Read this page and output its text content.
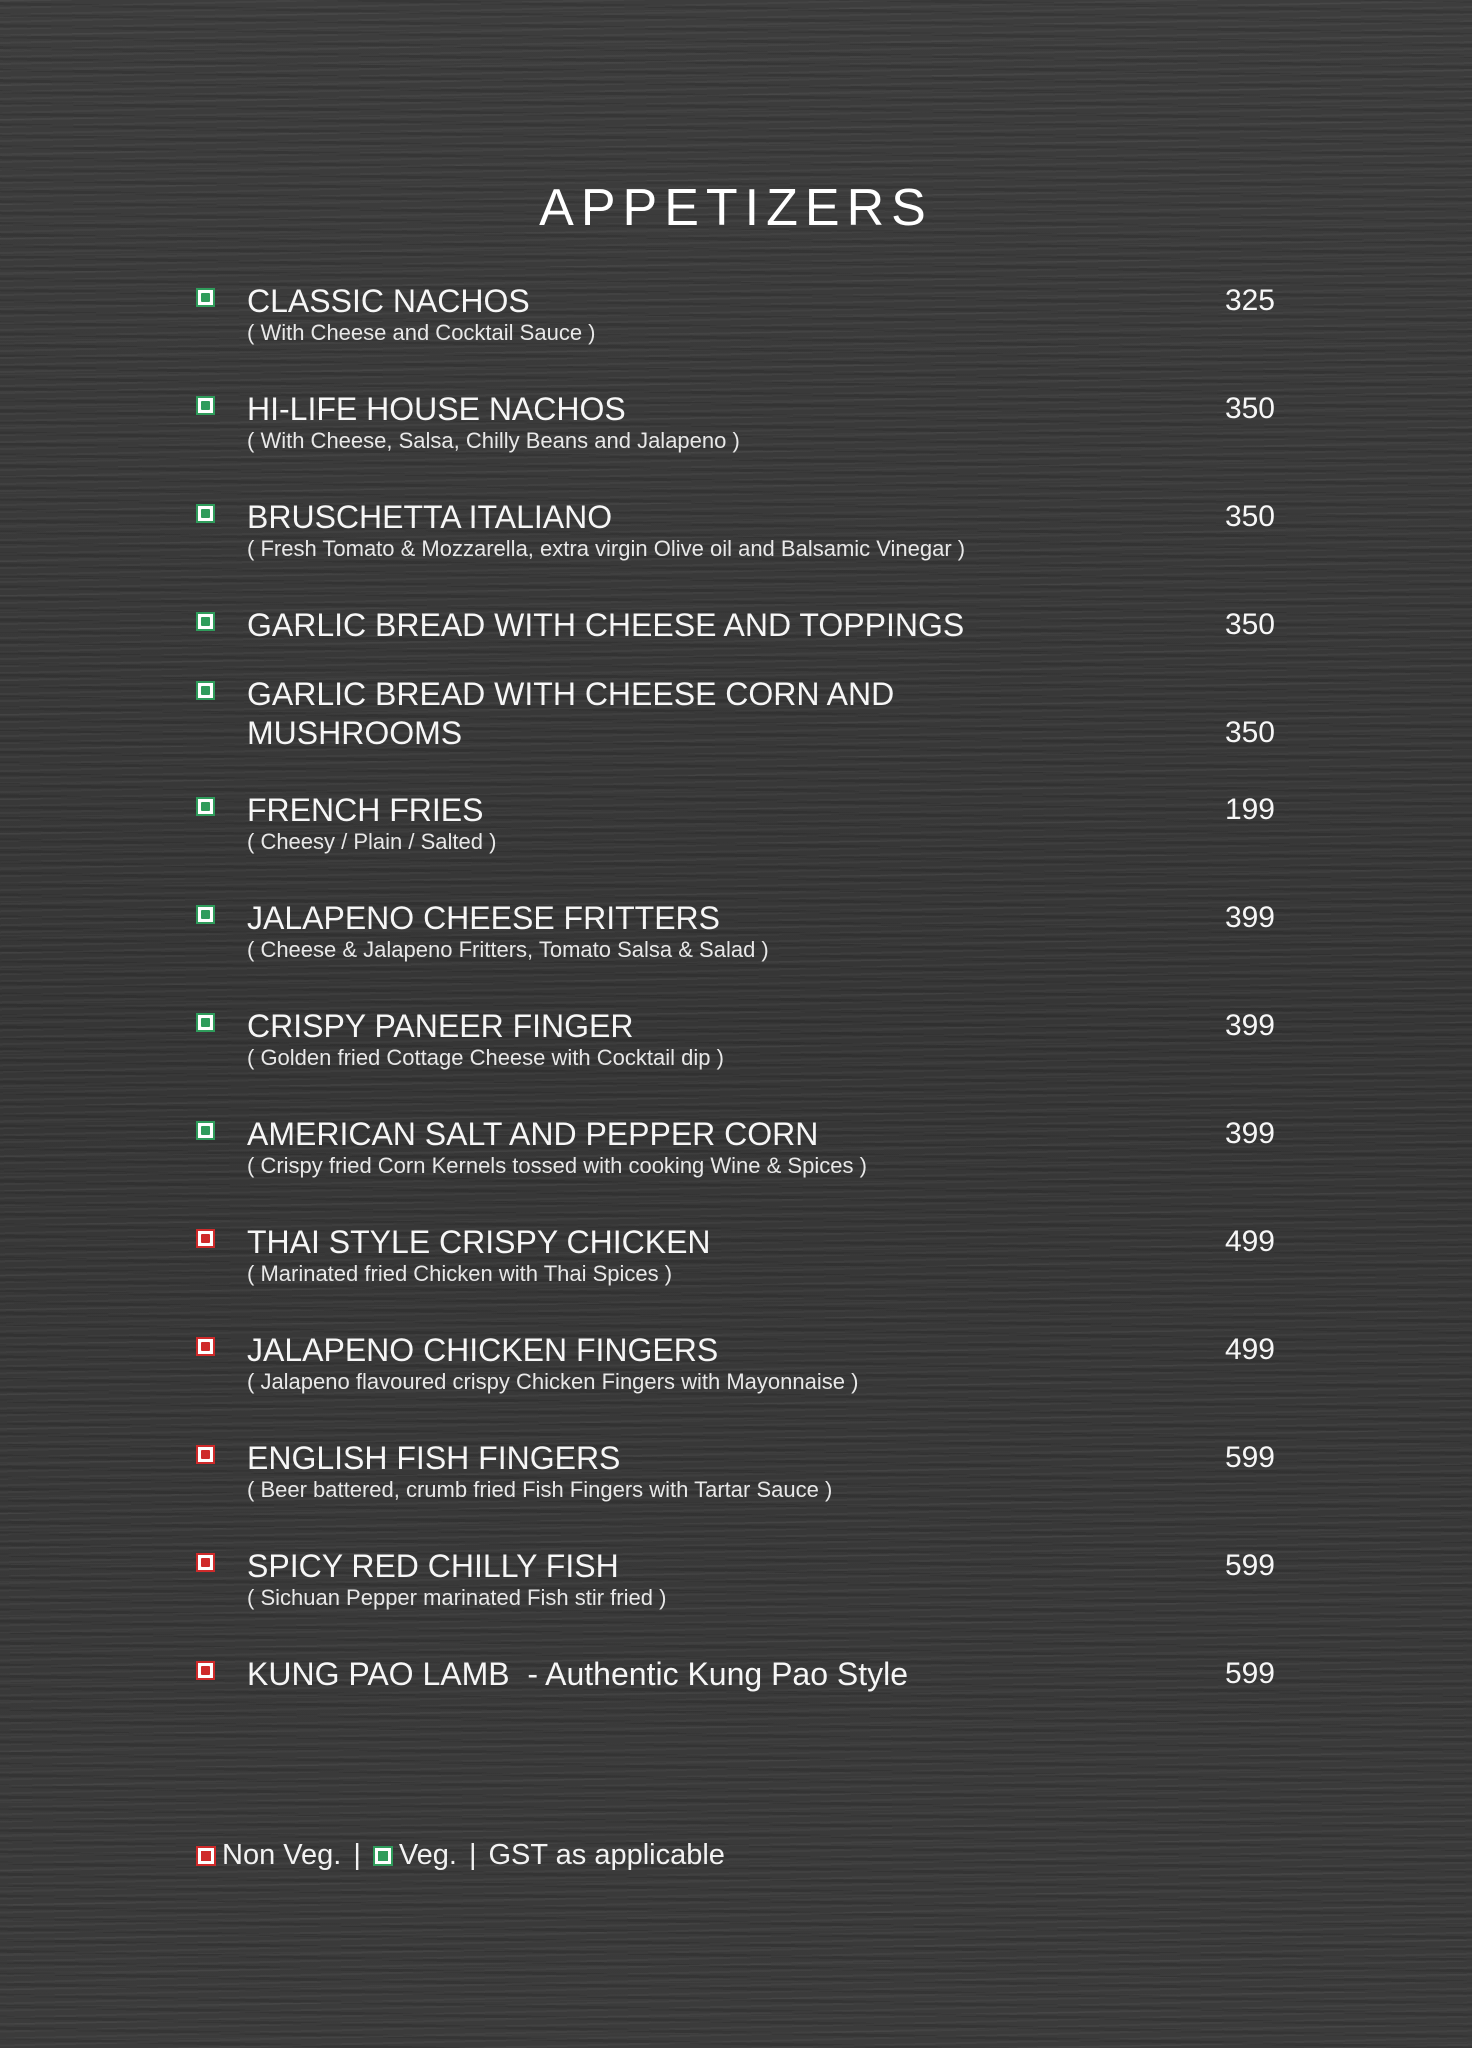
APPETIZERS
CLASSIC NACHOS
( With Cheese and Cocktail Sauce )
325
HI-LIFE HOUSE NACHOS
( With Cheese, Salsa, Chilly Beans and Jalapeno )
350
BRUSCHETTA ITALIANO
( Fresh Tomato & Mozzarella, extra virgin Olive oil and Balsamic Vinegar )
350
GARLIC BREAD WITH CHEESE AND TOPPINGS	350
GARLIC BREAD WITH CHEESE CORN AND MUSHROOMS	350
FRENCH FRIES
( Cheesy / Plain / Salted )
199
JALAPENO CHEESE FRITTERS
( Cheese & Jalapeno Fritters, Tomato Salsa & Salad )
399
CRISPY PANEER FINGER
( Golden fried Cottage Cheese with Cocktail dip )
399
AMERICAN SALT AND PEPPER CORN
( Crispy fried Corn Kernels tossed with cooking Wine & Spices )
399
THAI STYLE CRISPY CHICKEN
( Marinated fried Chicken with Thai Spices )
499
JALAPENO CHICKEN FINGERS
( Jalapeno flavoured crispy Chicken Fingers with Mayonnaise )
499
ENGLISH FISH FINGERS
( Beer battered, crumb fried Fish Fingers with Tartar Sauce )
599
SPICY RED CHILLY FISH
( Sichuan Pepper marinated Fish stir fried )
599
KUNG PAO LAMB  - Authentic Kung Pao Style	599
Non Veg. | Veg. | GST as applicable
